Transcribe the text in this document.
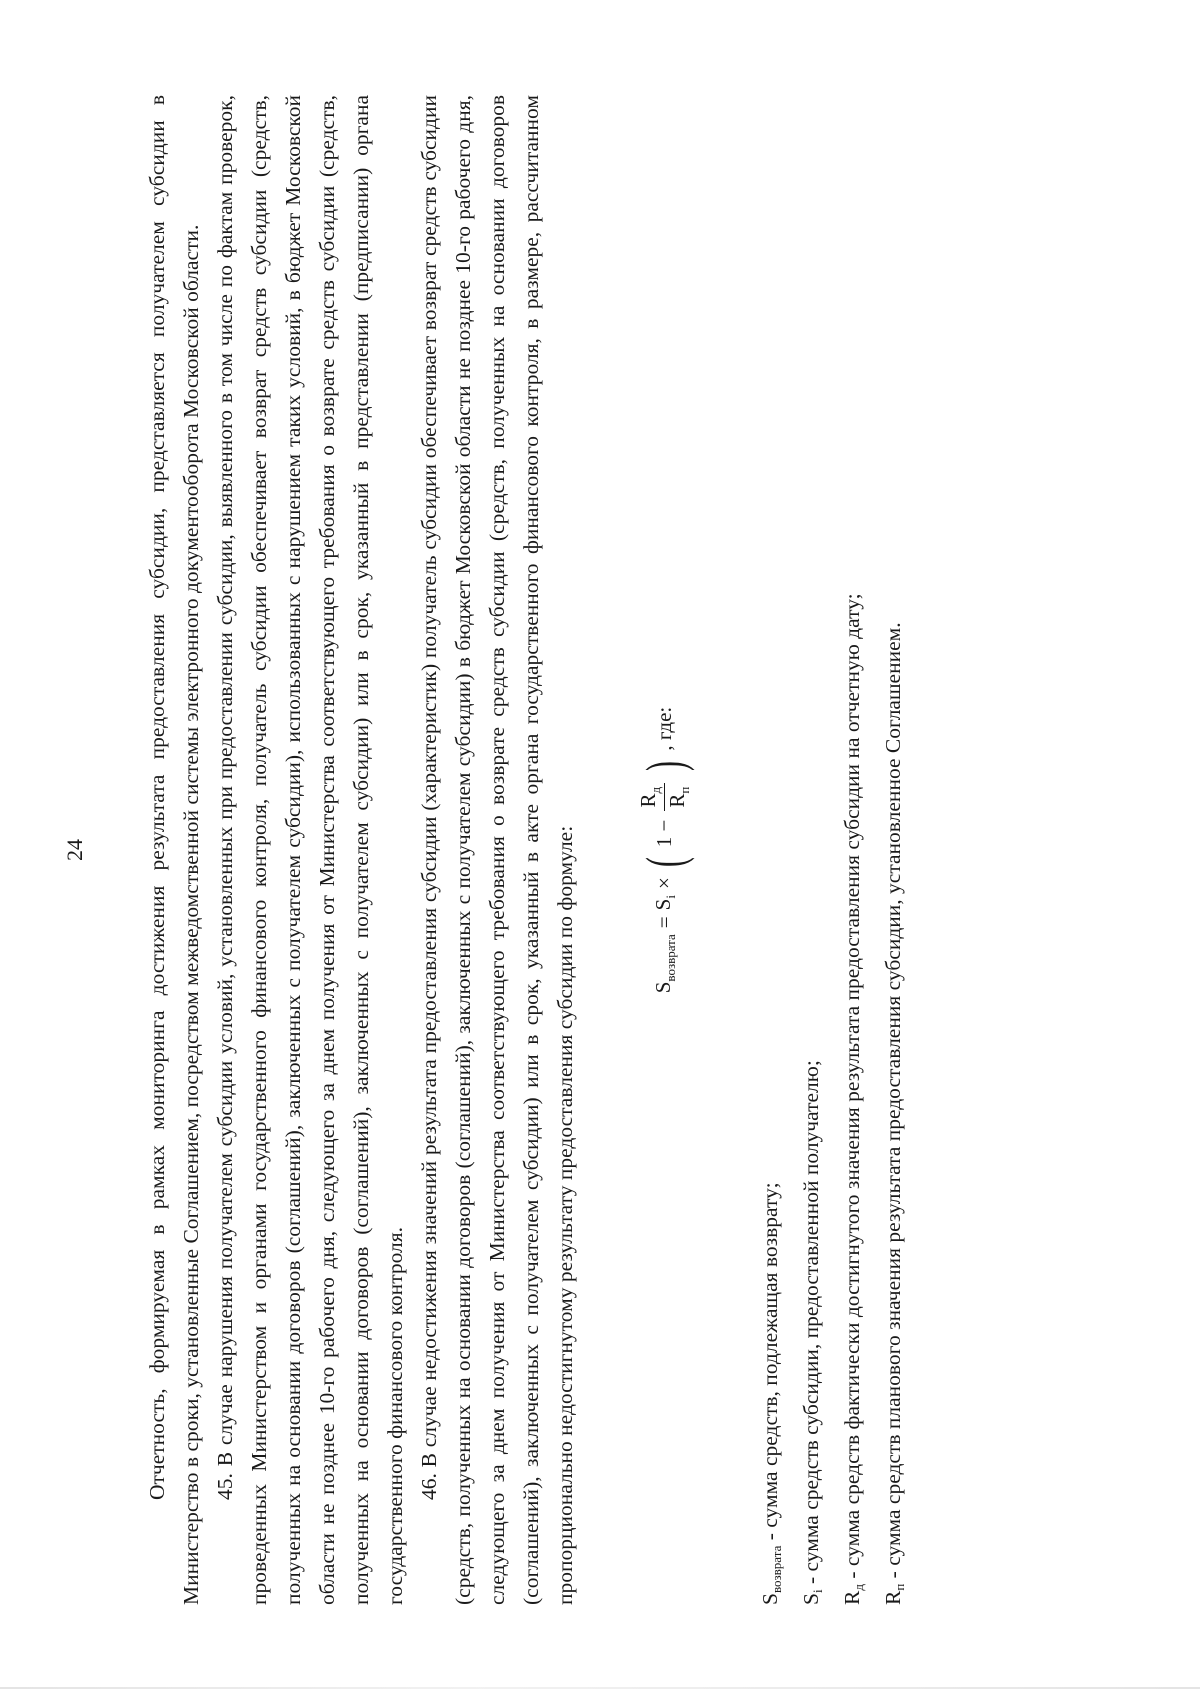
24	Отчетность, формируемая в рамках мониторинга достижения результата предоставления субсидии, представляется получателем субсидии в Министерство в сроки, установленные Соглашением, посредством межведомственной системы электронного документооборота Московской области. 45. В случае нарушения получателем субсидии условий, установленных при предоставлении субсидии, выявленного в том числе по фактам проверок, проведенных Министерством и органами государственного финансового контроля, получатель субсидии обеспечивает возврат средств субсидии (средств, полученных на основании договоров (соглашений), заключенных с получателем субсидии), использованных с нарушением таких условий, в бюджет Московской области не позднее 10-го рабочего дня, следующего за днем получения от Министерства соответствующего требования о возврате средств субсидии (средств, полученных на основании договоров (соглашений), заключенных с получателем субсидии) или в срок, указанный в представлении (предписании) органа государственного финансового контроля. 46. В случае недостижения значений результата предоставления субсидии (характеристик) получатель субсидии обеспечивает возврат средств субсидии (средств, полученных на основании договоров (соглашений), заключенных с получателем субсидии) в бюджет Московской области не позднее 10-го рабочего дня, следующего за днем получения от Министерства соответствующего требования о возврате средств субсидии (средств, полученных на основании договоров (соглашений), заключенных с получателем субсидии) или в срок, указанный в акте органа государственного финансового контроля, в размере, рассчитанном пропорционально недостигнутому результату предоставления субсидии по формуле:	$S_{возврата}$
=
$S_i$
×
(
1 −
$R_д$
$R_п$
)
, где:

$S_{возврата}$ - сумма средств, подлежащая возврату;

$S_i$ - сумма средств субсидии, предоставленной получателю;

$R_д$ - сумма средств фактически достигнутого значения результата предоставления субсидии на отчетную дату;

$R_п$ - сумма средств планового значения результата предоставления субсидии, установленное Соглашением.
